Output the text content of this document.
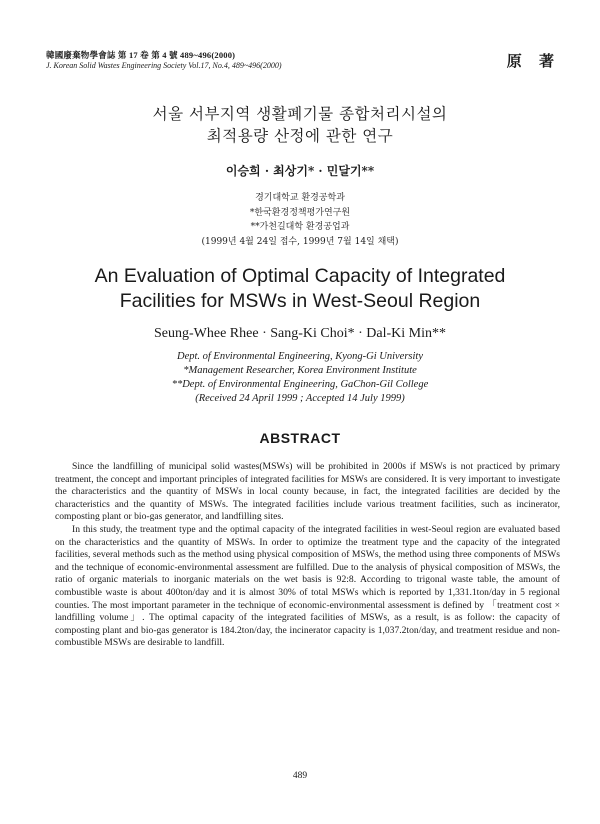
韓國廢棄物學會誌 第 17 卷 第 4 號 489~496(2000)
J. Korean Solid Wastes Engineering Society Vol.17, No.4, 489~496(2000)	原 著
서울 서부지역 생활폐기물 종합처리시설의
최적용량 산정에 관한 연구
이승희 · 최상기* · 민달기**
경기대학교 환경공학과
*한국환경정책평가연구원
**가천길대학 환경공업과
(1999년 4월 24일 접수, 1999년 7월 14일 채택)
An Evaluation of Optimal Capacity of Integrated
Facilities for MSWs in West-Seoul Region
Seung-Whee Rhee · Sang-Ki Choi* · Dal-Ki Min**
Dept. of Environmental Engineering, Kyong-Gi University
*Management Researcher, Korea Environment Institute
**Dept. of Environmental Engineering, GaChon-Gil College
(Received 24 April 1999 ; Accepted 14 July 1999)
ABSTRACT

Since the landfilling of municipal solid wastes(MSWs) will be prohibited in 2000s if MSWs is not practiced by primary treatment, the concept and important principles of integrated facilities for MSWs are considered. It is very important to investigate the characteristics and the quantity of MSWs in local county because, in fact, the integrated facilities are decided by the characteristics and the quantity of MSWs. The integrated facilities include various treatment facilities, such as incinerator, composting plant or bio-gas generator, and landfilling sites.

In this study, the treatment type and the optimal capacity of the integrated facilities in west-Seoul region are evaluated based on the characteristics and the quantity of MSWs. In order to optimize the treatment type and the capacity of the integrated facilities, several methods such as the method using physical composition of MSWs, the method using three components of MSWs and the technique of economic-environmental assessment are fulfilled. Due to the analysis of physical composition of MSWs, the ratio of organic materials to inorganic materials on the wet basis is 92:8. According to trigonal waste table, the amount of combustible waste is about 400ton/day and it is almost 30% of total MSWs which is reported by 1,331.1ton/day in 5 regional counties. The most important parameter in the technique of economic-environmental assessment is defined by 「treatment cost × landfilling volume」. The optimal capacity of the integrated facilities of MSWs, as a result, is as follow: the capacity of composting plant and bio-gas generator is 184.2ton/day, the incinerator capacity is 1,037.2ton/day, and treatment residue and non-combustible MSWs are desirable to landfill.

489
